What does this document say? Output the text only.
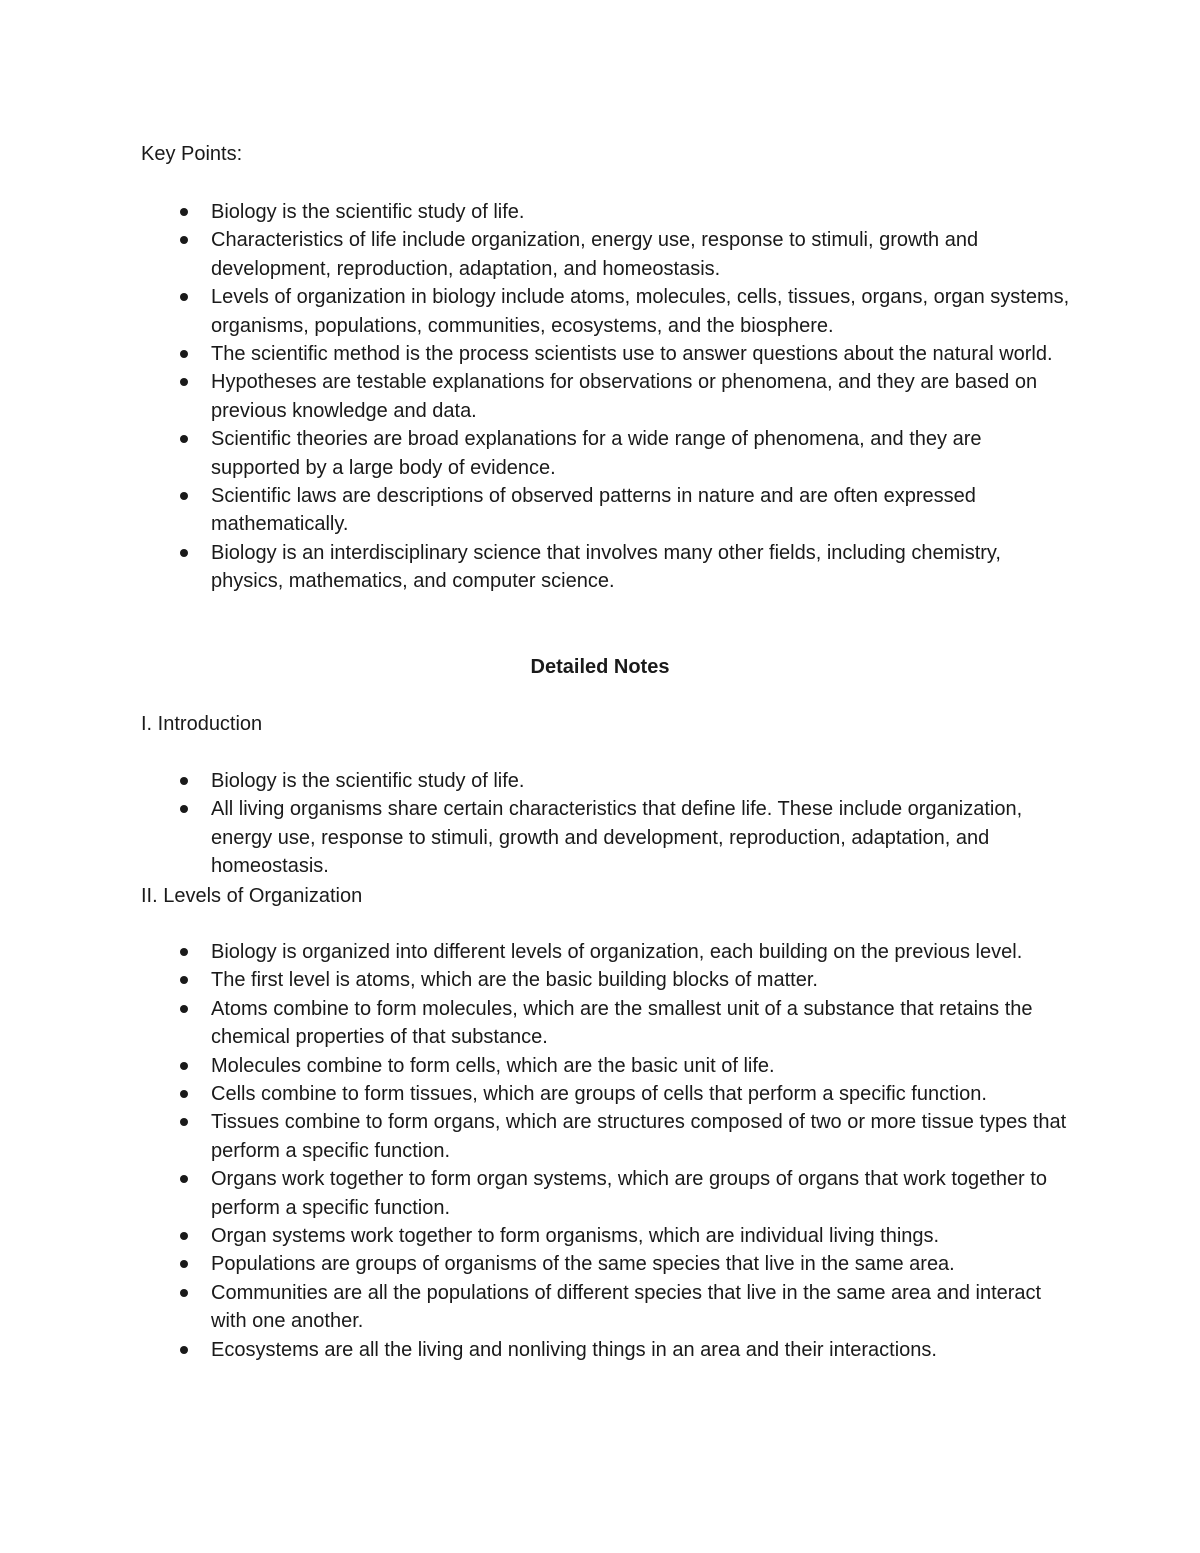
Key Points:
Biology is the scientific study of life.
Characteristics of life include organization, energy use, response to stimuli, growth and development, reproduction, adaptation, and homeostasis.
Levels of organization in biology include atoms, molecules, cells, tissues, organs, organ systems, organisms, populations, communities, ecosystems, and the biosphere.
The scientific method is the process scientists use to answer questions about the natural world.
Hypotheses are testable explanations for observations or phenomena, and they are based on previous knowledge and data.
Scientific theories are broad explanations for a wide range of phenomena, and they are supported by a large body of evidence.
Scientific laws are descriptions of observed patterns in nature and are often expressed mathematically.
Biology is an interdisciplinary science that involves many other fields, including chemistry, physics, mathematics, and computer science.
Detailed Notes
I. Introduction
Biology is the scientific study of life.
All living organisms share certain characteristics that define life. These include organization, energy use, response to stimuli, growth and development, reproduction, adaptation, and homeostasis.
II. Levels of Organization
Biology is organized into different levels of organization, each building on the previous level.
The first level is atoms, which are the basic building blocks of matter.
Atoms combine to form molecules, which are the smallest unit of a substance that retains the chemical properties of that substance.
Molecules combine to form cells, which are the basic unit of life.
Cells combine to form tissues, which are groups of cells that perform a specific function.
Tissues combine to form organs, which are structures composed of two or more tissue types that perform a specific function.
Organs work together to form organ systems, which are groups of organs that work together to perform a specific function.
Organ systems work together to form organisms, which are individual living things.
Populations are groups of organisms of the same species that live in the same area.
Communities are all the populations of different species that live in the same area and interact with one another.
Ecosystems are all the living and nonliving things in an area and their interactions.
